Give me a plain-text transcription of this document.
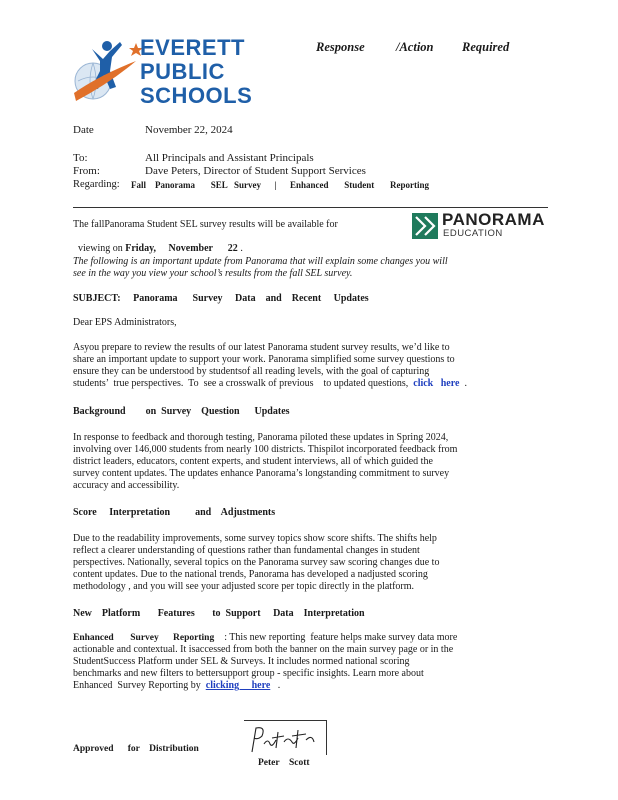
EVERETT
PUBLIC
SCHOOLS
Response	/Action Required
Date	November 22, 2024
To:	All Principals and Assistant Principals
From:	Dave Peters, Director of Student Support Services
Regarding: Fall    Panorama       SEL   Survey      |      Enhanced       Student       Reporting
The fallPanorama Student SEL survey results will be available for

viewing on Friday,     November      22 .

PANORAMA
EDUCATION
The following is an important update from Panorama that will explain some changes you will
see in the way you view your school’s results from the fall SEL survey.
SUBJECT:     Panorama      Survey     Data    and    Recent     Updates
Dear EPS Administrators,
Asyou prepare to review the results of our latest Panorama student survey results, we’d like to
share an important update to support your work. Panorama simplified some survey questions to
ensure they can be understood by studentsof all reading levels, with the goal of capturing
students’  true perspectives.  To  see a crosswalk of previous    to updated questions,  click   here  .
Background        on  Survey    Question      Updates
In response to feedback and thorough testing, Panorama piloted these updates in Spring 2024,
involving over 146,000 students from nearly 100 districts. Thispilot incorporated feedback from
district leaders, educators, content experts, and student interviews, all of which guided the
survey content updates. The updates enhance Panorama’s longstanding commitment to survey
accuracy and accessibility.
Score     Interpretation          and    Adjustments
Due to the readability improvements, some survey topics show score shifts. The shifts help
reflect a clearer understanding of questions rather than fundamental changes in student
perspectives. Nationally, several topics on the Panorama survey saw scoring changes due to
content updates. Due to the national trends, Panorama has developed a nadjusted scoring
methodology , and you will see your adjusted score per topic directly in the platform.
New    Platform       Features       to  Support     Data    Interpretation
Enhanced       Survey      Reporting    : This new reporting  feature helps make survey data more
actionable and contextual. It isaccessed from both the banner on the main survey page or in the
StudentSuccess Platform under SEL & Surveys. It includes normed national scoring
benchmarks and new filters to bettersupport group - specific insights. Learn more about
Enhanced  Survey Reporting by  clicking     here   .
Approved      for    Distribution
Peter    Scott
